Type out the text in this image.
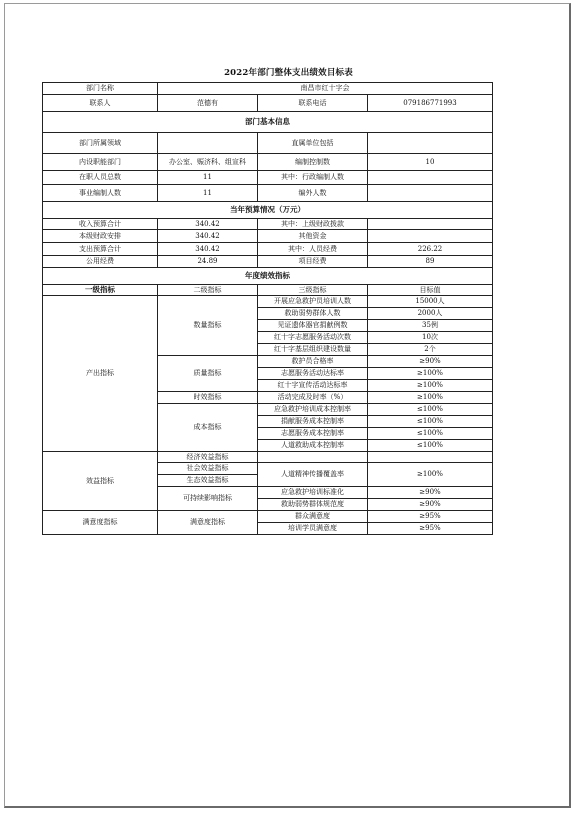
2022年部门整体支出绩效目标表
部门名称	南昌市红十字会		
联系人	范德有	联系电话	079186771993
部门基本信息			
部门所属领域		直属单位包括	
内设职能部门	办公室、赈济科、组宣科	编制控制数	10
在职人员总数	11	其中：行政编制人数	
事业编制人数	11	编外人数	
当年预算情况（万元）			
收入预算合计	340.42	其中：上级财政拨款	
本级财政安排	340.42	其他资金	
支出预算合计	340.42	其中：人员经费	226.22
公用经费	24.89	项目经费	89
年度绩效指标			
一级指标	二级指标	三级指标	目标值
产出指标	数量指标	开展应急救护员培训人数	15000人
		救助弱势群体人数	2000人
		见证遗体器官捐献例数	35例
		红十字志愿服务活动次数	10次
		红十字基层组织建设数量	2个
	质量指标	救护员合格率	≥90%
		志愿服务活动达标率	≥100%
		红十字宣传活动达标率	≥100%
	时效指标	活动完成及时率（%）	≥100%
	成本指标	应急救护培训成本控制率	≤100%
		捐献服务成本控制率	≤100%
		志愿服务成本控制率	≤100%
		人道救助成本控制率	≤100%
效益指标	经济效益指标		
	社会效益指标	人道精神传播覆盖率	≥100%
	生态效益指标		
	可持续影响指标	应急救护培训标准化	≥90%
		救助弱势群体规范度	≥90%
满意度指标	满意度指标	群众满意度	≥95%
		培训学员满意度	≥95%
